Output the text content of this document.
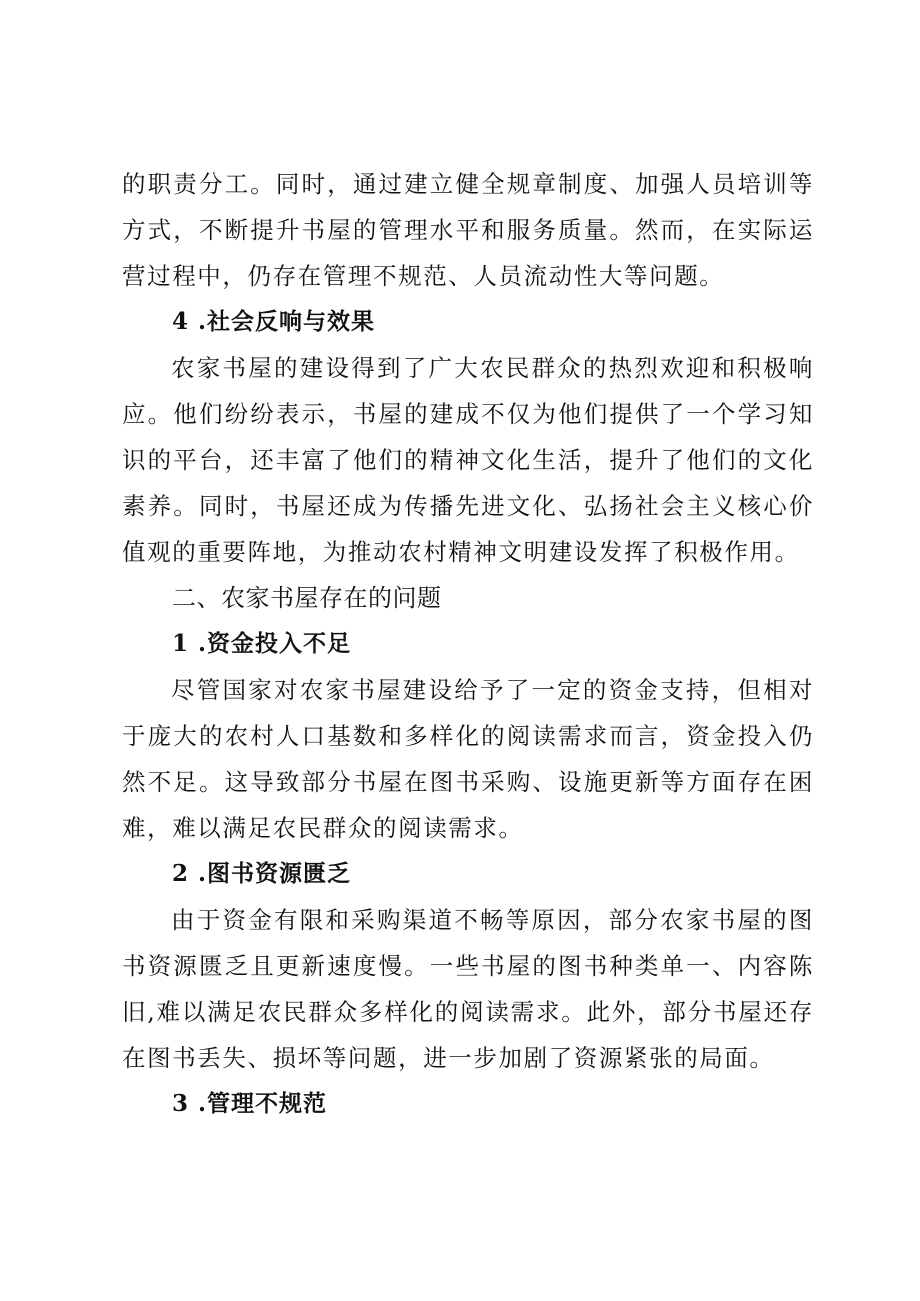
的职责分工。同时，通过建立健全规章制度、加强人员培训等方式，不断提升书屋的管理水平和服务质量。然而，在实际运营过程中，仍存在管理不规范、人员流动性大等问题。

4 .社会反响与效果

农家书屋的建设得到了广大农民群众的热烈欢迎和积极响应。他们纷纷表示，书屋的建成不仅为他们提供了一个学习知识的平台，还丰富了他们的精神文化生活，提升了他们的文化素养。同时，书屋还成为传播先进文化、弘扬社会主义核心价值观的重要阵地，为推动农村精神文明建设发挥了积极作用。

二、农家书屋存在的问题

1 .资金投入不足

尽管国家对农家书屋建设给予了一定的资金支持，但相对于庞大的农村人口基数和多样化的阅读需求而言，资金投入仍然不足。这导致部分书屋在图书采购、设施更新等方面存在困难，难以满足农民群众的阅读需求。

2 .图书资源匮乏

由于资金有限和采购渠道不畅等原因，部分农家书屋的图书资源匮乏且更新速度慢。一些书屋的图书种类单一、内容陈旧,难以满足农民群众多样化的阅读需求。此外，部分书屋还存在图书丢失、损坏等问题，进一步加剧了资源紧张的局面。

3 .管理不规范
